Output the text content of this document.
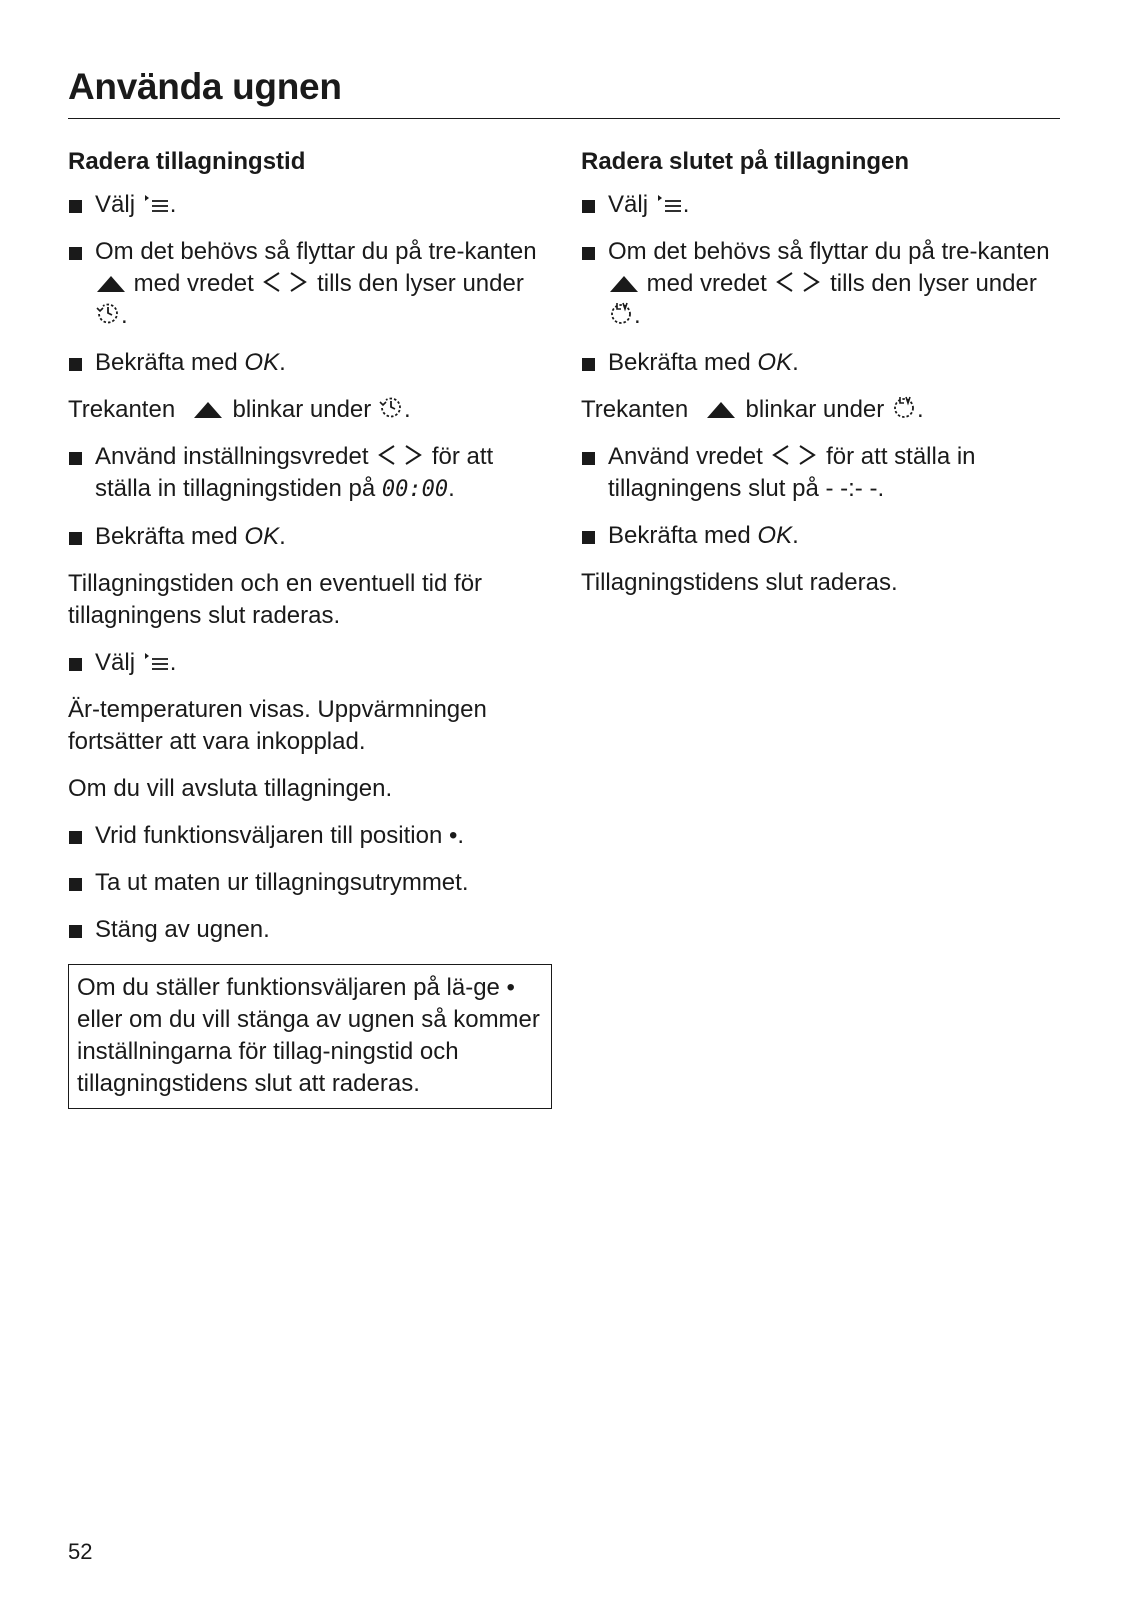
Använda ugnen
Radera tillagningstid
Välj .
Om det behövs så flyttar du på tre-kanten  med vredet	tills den lyser under .
Bekräfta med OK.

Trekanten blinkar under .

Använd inställningsvredet	för att ställa in tillagningstiden på 00:00.
Bekräfta med OK.

Tillagningstiden och en eventuell tid för tillagningens slut raderas.

Välj .

Är-temperaturen visas. Uppvärmningen fortsätter att vara inkopplad.

Om du vill avsluta tillagningen.

Vrid funktionsväljaren till position •.
Ta ut maten ur tillagningsutrymmet.
Stäng av ugnen.
Om du ställer funktionsväljaren på lä-ge • eller om du vill stänga av ugnen så kommer inställningarna för tillag-ningstid och tillagningstidens slut att raderas.
Radera slutet på tillagningen
Välj .
Om det behövs så flyttar du på tre-kanten  med vredet	tills den lyser under .
Bekräfta med OK.

Trekanten blinkar under .

Använd vredet	för att ställa in tillagningens slut på - -:- -.
Bekräfta med OK.

Tillagningstidens slut raderas.

52
